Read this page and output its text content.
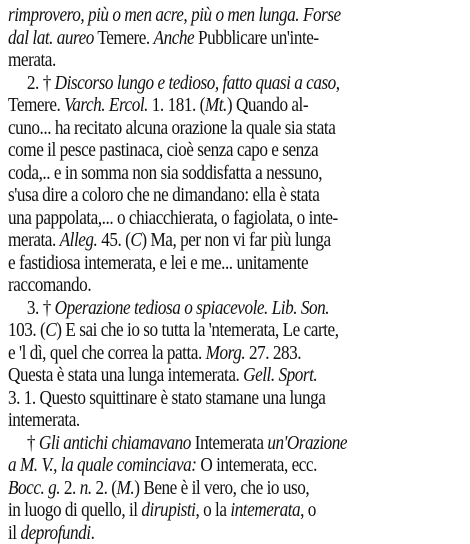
rimprovero, più o men acre, più o men lunga. Forse
dal lat. aureo Temere. Anche Pubblicare un'inte-
merata.
2. † Discorso lungo e tedioso, fatto quasi a caso,
Temere. Varch. Ercol. 1. 181. (Mt.) Quando al-
cuno... ha recitato alcuna orazione la quale sia stata
come il pesce pastinaca, cioè senza capo e senza
coda,.. e in somma non sia soddisfatta a nessuno,
s'usa dire a coloro che ne dimandano: ella è stata
una pappolata,... o chiacchierata, o fagiolata, o inte-
merata. Alleg. 45. (C) Ma, per non vi far più lunga
e fastidiosa intemerata, e lei e me... unitamente
raccomando.
3. † Operazione tediosa o spiacevole. Lib. Son.
103. (C) E sai che io so tutta la 'ntemerata, Le carte,
e 'l dì, quel che correa la patta. Morg. 27. 283.
Questa è stata una lunga intemerata. Gell. Sport.
3. 1. Questo squittinare è stato stamane una lunga
intemerata.
† Gli antichi chiamavano Intemerata un'Orazione
a M. V., la quale cominciava: O intemerata, ecc.
Bocc. g. 2. n. 2. (M.) Bene è il vero, che io uso,
in luogo di quello, il dirupisti, o la intemerata, o
il deprofundi.
